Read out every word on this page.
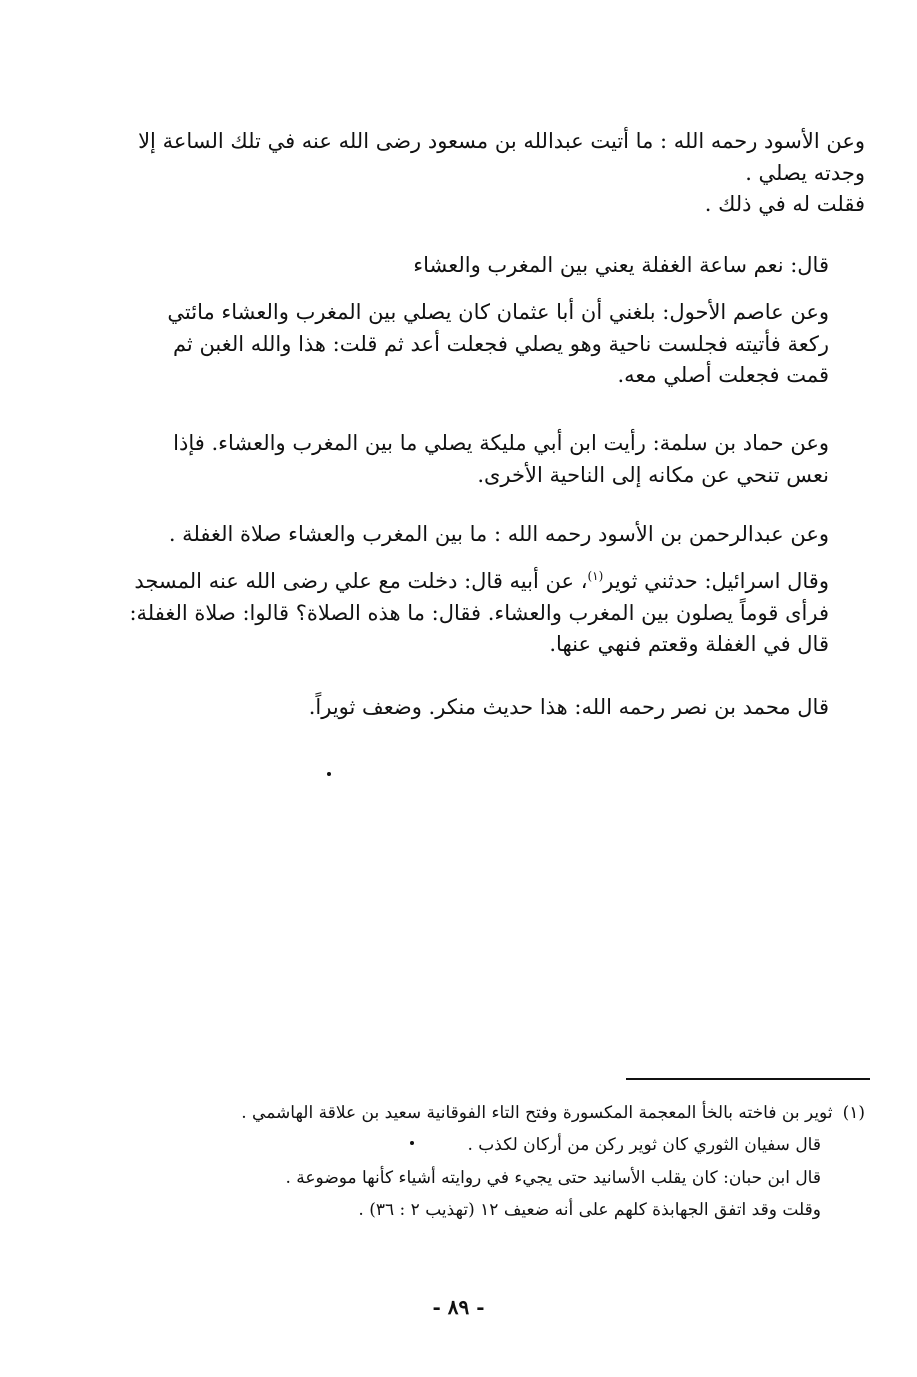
وعن الأسود رحمه الله : ما أتيت عبدالله بن مسعود رضى الله عنه في تلك الساعة إلا وجدته يصلي .

فقلت له في ذلك .

قال: نعم ساعة الغفلة يعني بين المغرب والعشاء

وعن عاصم الأحول: بلغني أن أبا عثمان كان يصلي بين المغرب والعشاء مائتي ركعة فأتيته فجلست ناحية وهو يصلي فجعلت أعد ثم قلت: هذا والله الغبن ثم قمت فجعلت أصلي معه.

وعن حماد بن سلمة: رأيت ابن أبي مليكة يصلي ما بين المغرب والعشاء. فإذا نعس تنحي عن مكانه إلى الناحية الأخرى.

وعن عبدالرحمن بن الأسود رحمه الله : ما بين المغرب والعشاء صلاة الغفلة .

وقال اسرائيل: حدثني ثوير$^{(١)}$، عن أبيه قال: دخلت مع علي رضى الله عنه المسجد فرأى قوماً يصلون بين المغرب والعشاء. فقال: ما هذه الصلاة؟ قالوا: صلاة الغفلة: قال في الغفلة وقعتم فنهي عنها.

قال محمد بن نصر رحمه الله: هذا حديث منكر. وضعف ثويراً.

(١)ثوير بن فاخته بالخأ المعجمة المكسورة وفتح التاء الفوقانية سعيد بن علاقة الهاشمي .

قال سفيان الثوري كان ثوير ركن من أركان لكذب .

قال ابن حبان: كان يقلب الأسانيد حتى يجيء في روايته أشياء كأنها موضوعة .

وقلت وقد اتفق الجهابذة كلهم على أنه ضعيف ١٢ (تهذيب ٢ : ٣٦) .

- ٨٩ -
